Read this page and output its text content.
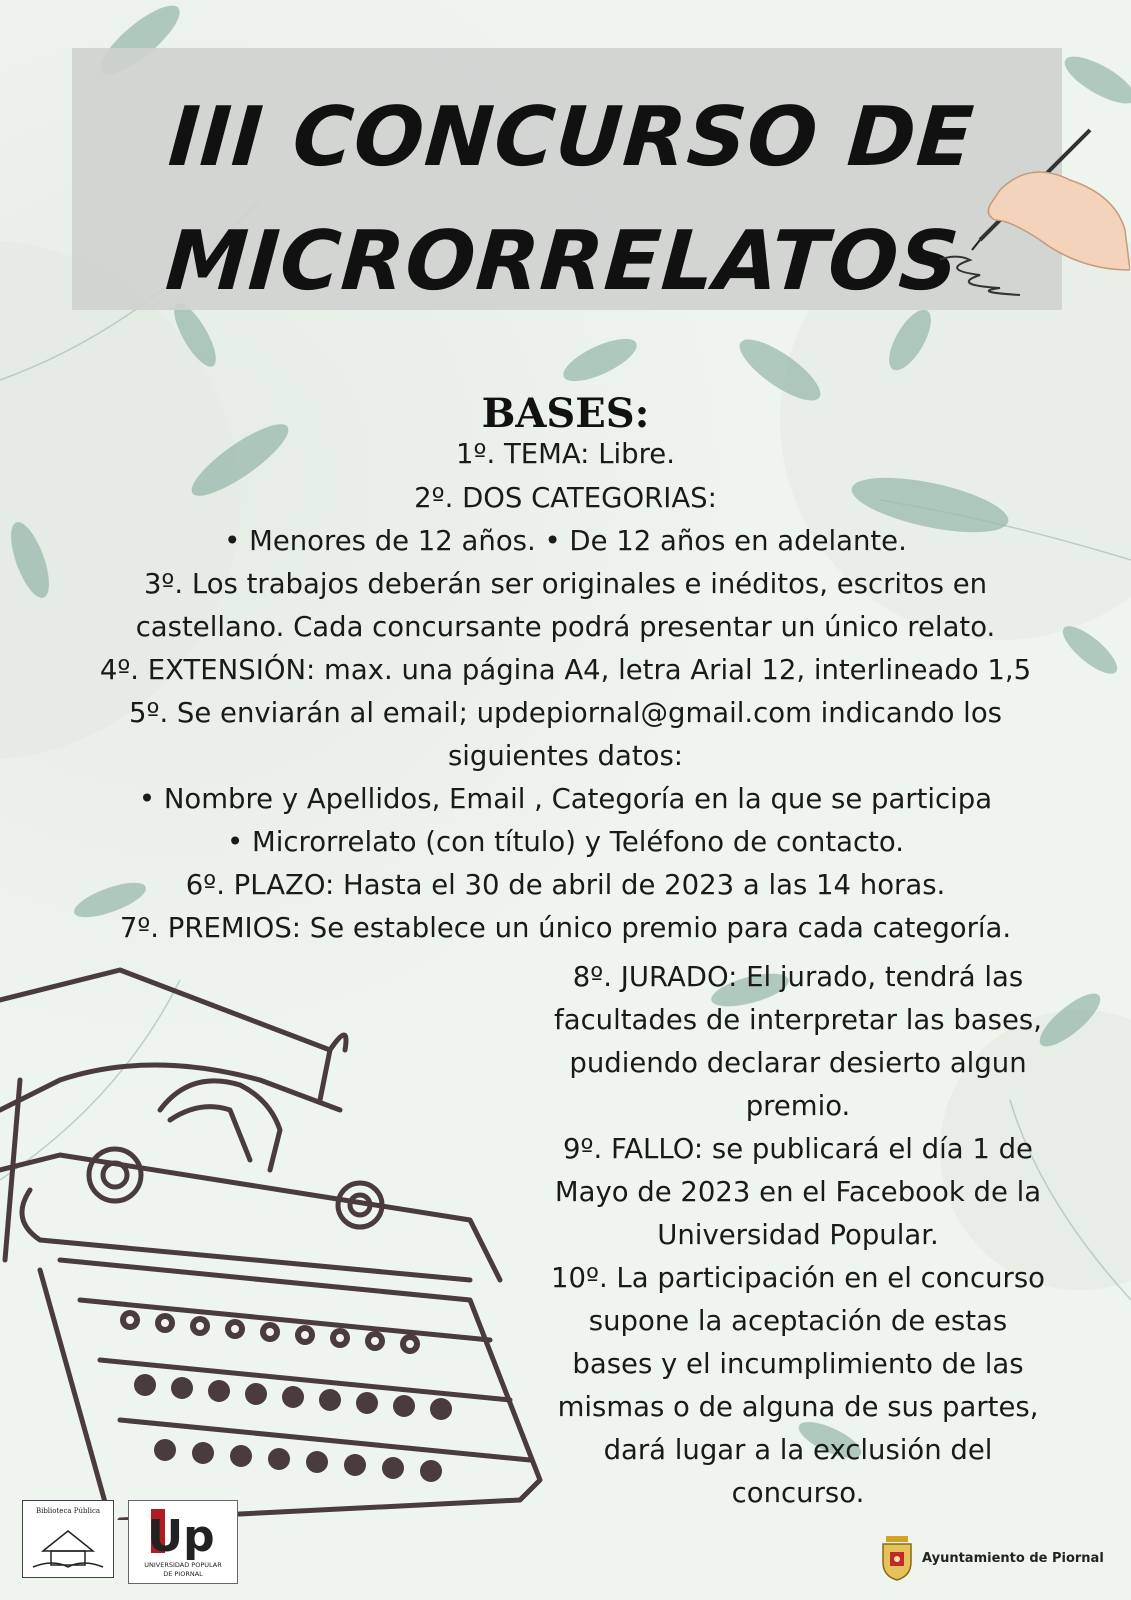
III CONCURSO DE
MICRORRELATOS
BASES:
1º. TEMA: Libre.
2º. DOS CATEGORIAS:
• Menores de 12 años. • De 12 años en adelante.
3º. Los trabajos deberán ser originales e inéditos, escritos en
castellano. Cada concursante podrá presentar un único relato.
4º. EXTENSIÓN: max. una página A4, letra Arial 12, interlineado 1,5
5º. Se enviarán al email; updepiornal@gmail.com indicando los
siguientes datos:
• Nombre y Apellidos, Email , Categoría en la que se participa
• Microrrelato (con título) y Teléfono de contacto.
6º. PLAZO: Hasta el 30 de abril de 2023 a las 14 horas.
7º. PREMIOS: Se establece un único premio para cada categoría.
8º. JURADO: El jurado, tendrá las
facultades de interpretar las bases,
pudiendo declarar desierto algun
premio.
9º. FALLO: se publicará el día 1 de
Mayo de 2023 en el Facebook de la
Universidad Popular.
10º. La participación en el concurso
supone la aceptación de estas
bases y el incumplimiento de las
mismas o de alguna de sus partes,
dará lugar a la exclusión del
concurso.
Biblioteca Pública Up
UNIVERSIDAD POPULAR
DE PIORNAL
Ayuntamiento de Piornal
